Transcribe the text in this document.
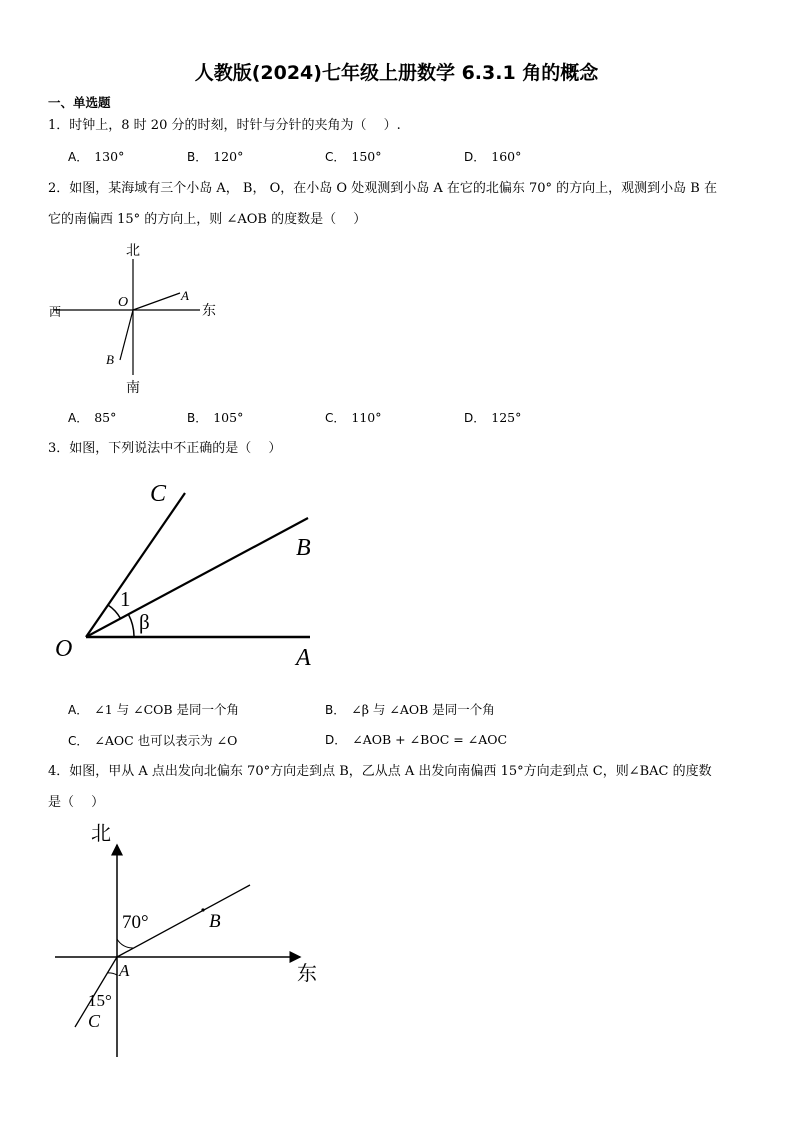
人教版(2024)七年级上册数学 6.3.1 角的概念
一、单选题
1．时钟上，8 时 20 分的时刻，时针与分针的夹角为（　 ）.
A． 130°	B． 120°	C． 150°	D． 160°
2．如图，某海域有三个小岛 A， B， O，在小岛 O 处观测到小岛 A 在它的北偏东 70° 的方向上，观测到小岛 B 在
它的南偏西 15° 的方向上，则 ∠AOB 的度数是（　 ）
北
南
东
西
O	A
B
A． 85°	B． 105°	C． 110°	D． 125°
3．如图，下列说法中不正确的是（　 ）
C
B
A
O
1
β
A． ∠1 与 ∠COB 是同一个角	B． ∠β 与 ∠AOB 是同一个角
C． ∠AOC 也可以表示为 ∠O	D． ∠AOB + ∠BOC = ∠AOC
4．如图，甲从 A 点出发向北偏东 70°方向走到点 B，乙从点 A 出发向南偏西 15°方向走到点 C，则∠BAC 的度数
是（　 ）
北
东
70°	B
A
15°
C
